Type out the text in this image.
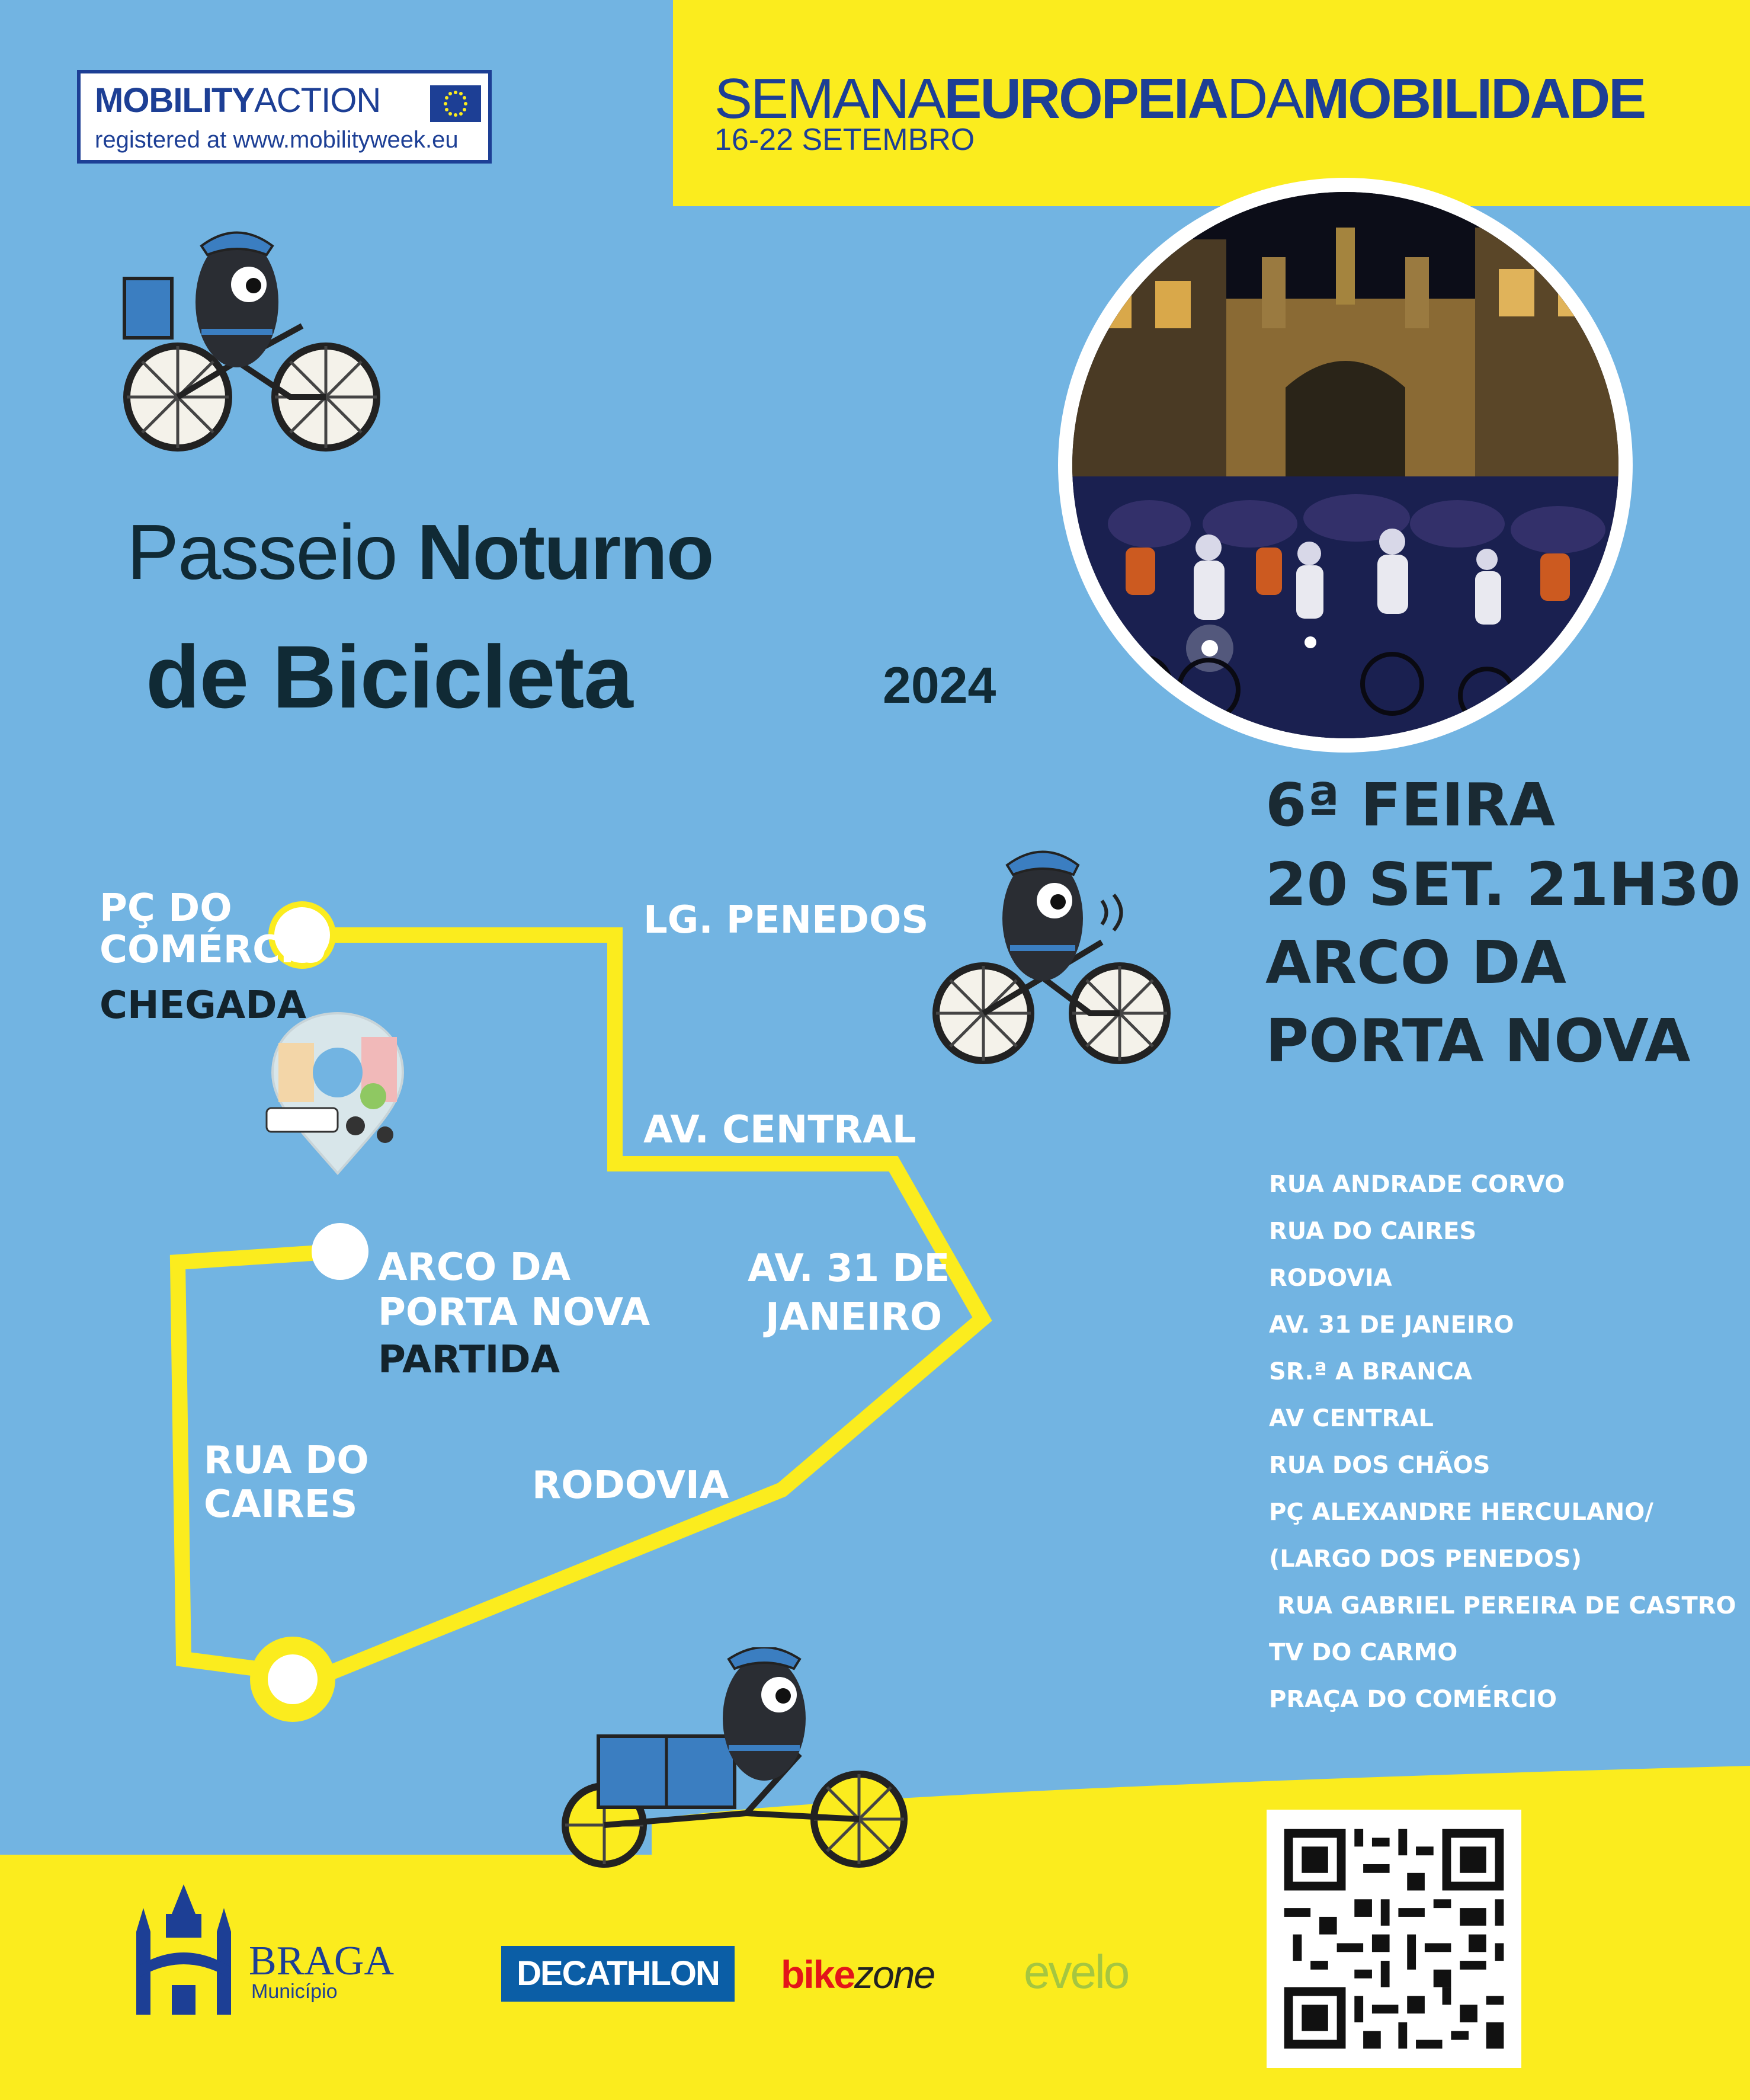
MOBILITYACTION
registered at www.mobilityweek.eu
SEMANAEUROPEIADAMOBILIDADE
16-22 SETEMBRO
Passeio Noturno
de Bicicleta	2024
6ª FEIRA
20 SET. 21H30
ARCO DA
PORTA NOVA
PÇ DO
COMÉRCIO
CHEGADA
LG. PENEDOS
AV. CENTRAL
AV. 31 DE
JANEIRO
ARCO DA
PORTA NOVA
PARTIDA
RUA DO
CAIRES	RODOVIA
RUA ANDRADE CORVO
RUA DO CAIRES
RODOVIA
AV. 31 DE JANEIRO
SR.ª A BRANCA
AV CENTRAL
RUA DOS CHÃOS
PÇ ALEXANDRE HERCULANO/
(LARGO DOS PENEDOS)
RUA GABRIEL PEREIRA DE CASTRO
TV DO CARMO
PRAÇA DO COMÉRCIO
BRAGA
Município	DECATHLON	bikezone evelo
